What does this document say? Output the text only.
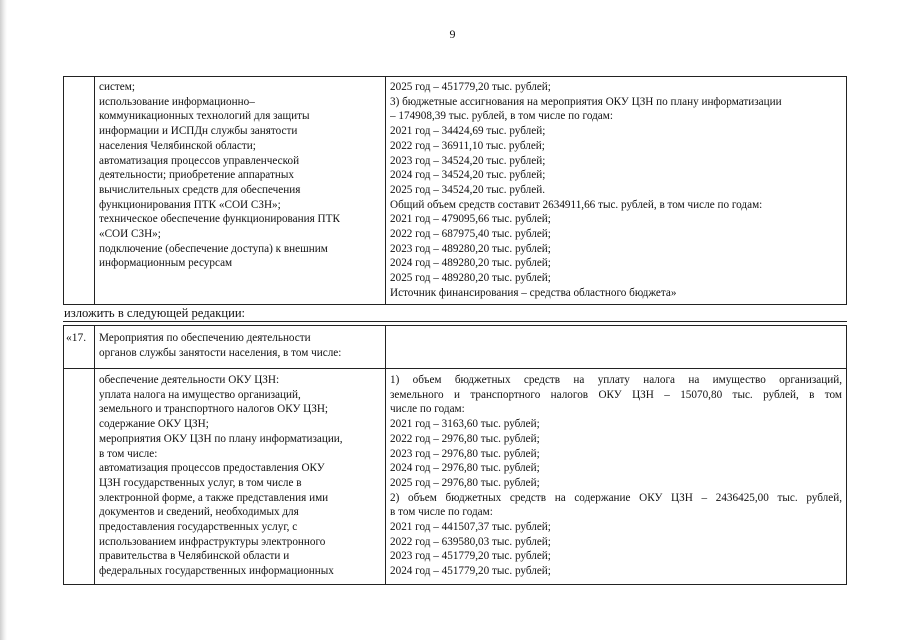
9
систем;
использование информационно–
коммуникационных технологий для защиты
информации и ИСПДн службы занятости
населения Челябинской области;
автоматизация процессов управленческой
деятельности; приобретение аппаратных
вычислительных средств для обеспечения
функционирования ПТК «СОИ СЗН»;
техническое обеспечение функционирования ПТК
«СОИ СЗН»;
подключение (обеспечение доступа) к внешним
информационным ресурсам
2025 год – 451779,20 тыс. рублей;
3) бюджетные ассигнования на мероприятия ОКУ ЦЗН по плану информатизации
– 174908,39 тыс. рублей, в том числе по годам:
2021 год – 34424,69 тыс. рублей;
2022 год – 36911,10 тыс. рублей;
2023 год – 34524,20 тыс. рублей;
2024 год – 34524,20 тыс. рублей;
2025 год – 34524,20 тыс. рублей.
Общий объем средств составит 2634911,66 тыс. рублей, в том числе по годам:
2021 год – 479095,66 тыс. рублей;
2022 год – 687975,40 тыс. рублей;
2023 год – 489280,20 тыс. рублей;
2024 год – 489280,20 тыс. рублей;
2025 год – 489280,20 тыс. рублей;
Источник финансирования – средства областного бюджета»
изложить в следующей редакции:
«17.	Мероприятия по обеспечению деятельности
органов службы занятости населения, в том числе:
обеспечение деятельности ОКУ ЦЗН:
уплата налога на имущество организаций,
земельного и транспортного налогов ОКУ ЦЗН;
содержание ОКУ ЦЗН;
мероприятия ОКУ ЦЗН по плану информатизации,
в том числе:
автоматизация процессов предоставления ОКУ
ЦЗН государственных услуг, в том числе в
электронной форме, а также представления ими
документов и сведений, необходимых для
предоставления государственных услуг, с
использованием инфраструктуры электронного
правительства в Челябинской области и
федеральных государственных информационных
1) объем бюджетных средств на уплату налога на имущество организаций,
земельного и транспортного налогов ОКУ ЦЗН – 15070,80 тыс. рублей, в том
числе по годам:
2021 год – 3163,60 тыс. рублей;
2022 год – 2976,80 тыс. рублей;
2023 год – 2976,80 тыс. рублей;
2024 год – 2976,80 тыс. рублей;
2025 год – 2976,80 тыс. рублей;
2) объем бюджетных средств на содержание ОКУ ЦЗН – 2436425,00 тыс. рублей,
в том числе по годам:
2021 год – 441507,37 тыс. рублей;
2022 год – 639580,03 тыс. рублей;
2023 год – 451779,20 тыс. рублей;
2024 год – 451779,20 тыс. рублей;
